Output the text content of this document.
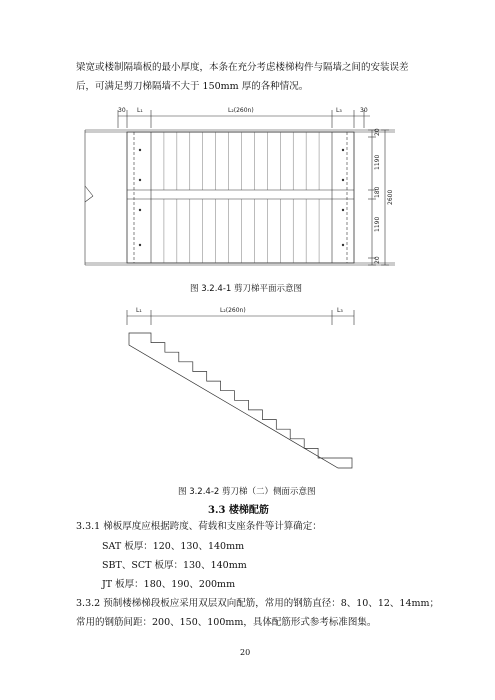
梁宽或楼制隔墙板的最小厚度，本条在充分考虑楼梯构件与隔墙之间的安装误差
后，可满足剪刀梯隔墙不大于 150mm 厚的各种情况。
30 L₁	L₂(260n)	L₃	30
20
1190
180
1190
20
2600
图 3.2.4-1 剪刀梯平面示意图
L₁	L₂(260n)	L₃
图 3.2.4-2 剪刀梯（二）侧面示意图
3.3 楼梯配筋
3.3.1 梯板厚度应根据跨度、荷载和支座条件等计算确定：
SAT 板厚：120、130、140mm
SBT、SCT 板厚：130、140mm
JT 板厚：180、190、200mm
3.3.2 预制楼梯梯段板应采用双层双向配筋，常用的钢筋直径：8、10、12、14mm；
常用的钢筋间距：200、150、100mm，具体配筋形式参考标准图集。
20
